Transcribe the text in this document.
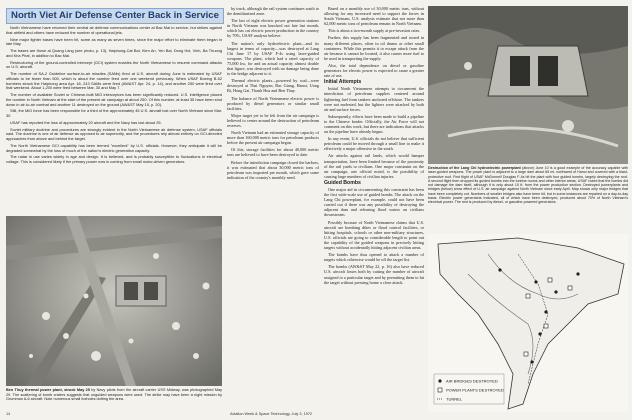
North Viet Air Defense Center Back in Service

North Vietnamese have returned their central air defense communications center at Bac Mai to service, but strikes against that airfield and others have reduced the number of operational jets.

Nine major fighter bases have been hit, some as many as seven times, since the major effort to eliminate them began in late May.

The bases are those at Quang Lang (see photo, p. 13), Haiphong-Cat Bai, Kien An, Yen Bai, Dong Hoi, Vinh, Ba Thuong and Kha Phat, in addition to Bac Mai.

Restructuring of the ground-controlled intercept (GCI) system enables the North Vietnamese to resume command attacks on U.S. aircraft.

The number of SA-2 Guideline surface-to-air missiles (SAMs) fired at U.S. aircraft during June is estimated by USAF officials to be fewer than 500, which is about the number fired over one weekend previously. When USAF Boeing B-52 bombers struck the Haiphong area Apr. 16, 243 SAMs were fired (AW&ST Apr. 24, p. 14), and another 250 were fired over that weekend. About 1,200 were fired between Mar. 30 and May 7.

The number of available Soviet or Chinese-built MiG interceptors has been significantly reduced. U.S. intelligence placed the number in North Vietnam at the start of the present air campaign at about 250. Of this number, at least 35 have been shot down in air-to-air combat and another 11 destroyed on the ground (AW&ST May 15, p. 20).

Still, the MiG force has been responsible for a third of the approximately 45 U.S. aircraft lost over North Vietnam since Mar. 30.

USAF has reported the loss of approximately 20 aircraft and the Navy has lost about 25.

Soviet military doctrine and procedures are strongly evident in the North Vietnamese air defense system, USAF officials said. The doctrine is one of air defense as opposed to air superiority, and the procedures rely almost entirely on GCI-directed approaches from above and behind the target.

The North Vietnamese GCI capability has been termed "excellent" by U.S. officials. However, they anticipate it will be degraded somewhat by the loss of much of the nation's electric generation capacity.

The radar in use varies widely in age and design. It is believed, and is probably susceptible to fluctuations in electrical voltage. This is considered likely if the primary power now is coming from small motor-driven generators.

Ben Thuy thermal power plant, struck May 25 by Navy pilots from the aircraft carrier USS Midway, was photographed May 29. The scattering of bomb craters suggests that unguided weapons were used. The strike may have been a night mission by Grumman A-6 aircraft. Note numerous small foxholes dotting the area.

by truck, although the rail system continues south to the demilitarized zone.

The last of eight electric power generation stations in North Vietnam was knocked out late last month, which has cut electric power production in the country by 70%, USAF analysts believe.

The nation's only hydroelectric plant—and its largest in terms of capacity—was destroyed at Lang Chi June 17 by USAF F-4s using laser-guided weapons. The plant, which had a rated capacity of 75,000 kw, for and an actual capacity almost double that figure, was destroyed with no damage being done to the bridge adjacent to it.

Thermal electric plants—powered by coal—were destroyed at Thai Nguyen, Bac Giang, Hanoi, Uong Bi, Hong Gai, Thanh Hoa and Ben Thuy.

The balance of North Vietnamese electric power is produced by diesel generators or similar small facilities.

Major target yet to be felt from the air campaign is believed to center around the destruction of petroleum reserves.

North Vietnam had an estimated storage capacity of more than 160,000 metric tons for petroleum products before the present air campaign began.

Of this, storage facilities for about 40,000 metric tons are believed to have been destroyed to date.

Before the interdiction campaign closed the harbors, it was estimated that about 30,000 metric tons of petroleum was imported per month, which gave some indication of the country's monthly need.

Based on a monthly use of 30,000 metric tons, without allowing for any increased need to support the forces in South Vietnam, U.S. analysts estimate that not more than 62,000 metric tons of petroleum remain in North Vietnam.

This is about a two-month supply at pre-invasion rates.

Further, this supply has been fragmented and stored in many different places, often in oil drums or other small containers. While this permits it to escape attack from the air because it cannot be located, it also causes more fuel to be used in transporting the supply.

Also, the total dependence on diesel or gasoline generators for electric power is expected to cause a greater rate of use.

Initial Attempts

Initial North Vietnamese attempts to circumvent the interdiction of petroleum supplies centered around lightering fuel from tankers anchored offshore. The tankers were not molested, but the lighters were attacked by both air and surface forces.

Subsequently, efforts have been made to build a pipeline to the Chinese border. Officially, the Air Force will not comment on this work, but there are indications that attacks on the pipeline have already begun.

In any event, U.S. officials do not believe that sufficient petroleum could be moved through a small line to make it effectively a major offensive in the south.

Air attacks against rail lands, which would hamper transportation, have been limited because of the proximity of the rail yards to civilians. One major constraint on the air campaign, one official noted, is the possibility of causing large numbers of civilian injuries.

Guided Bombs

One major aid in circumventing this constraint has been the first wide-scale use of guided bombs. The attack on the Lang Chi powerplant, for example, could not have been carried out if there was any possibility of destroying the adjacent dam and releasing flood waters on civilians downstream.

Possibly because of North Vietnamese claims that U.S. aircraft are bombing dikes or flood control facilities, or hitting hospitals, schools or other non-military structures, U.S. officials are going to considerable length to point out the capability of the guided weapons in precisely hitting targets without accidentally hitting adjacent civilian areas.

The bombs have thus opened to attack a number of targets which otherwise would be off the target list.

The bombs (AW&ST May 22, p. 16) also have reduced U.S. aircraft losses both by cutting the number of aircraft assigned to a particular target and by permitting them to hit the target without pressing home a close attack.

Destruction of the Lang Chi hydroelectric powerplant (above) June 10 is a good example of the accuracy capable with laser-guided weapons. The power plant is adjacent to a large dam about 65 mi. northwest of Hanoi and covered with a blast-protective roof. First flight of USAF McDonnell Douglas F-4s hit the plant with four guided bombs, largely destroying the roof. A second flight then dropped its guided bombs into the turbine rooms and other interior areas. USAF noted that the bombs did not damage the dam itself, although it is only about 10 ft. from the power production section. Destroyed powerplants and bridges (below) show effect of U.S. air campaign against North Vietnam since early April. Map shows only major bridges that have been completely cut. Numbers of smaller bridges also have been hit, but in some instances are repaired on a day-to-day basis. Electric power generators indicated, all of which have been destroyed, produced about 70% of North Vietnam's electrical power. The rest is produced by diesel- or gasoline-powered generators.
AIR BRIDGES DESTROYED
POWER PLANTS DESTROYED
TUNNEL
14	Aviation Week & Space Technology, July 3, 1972
